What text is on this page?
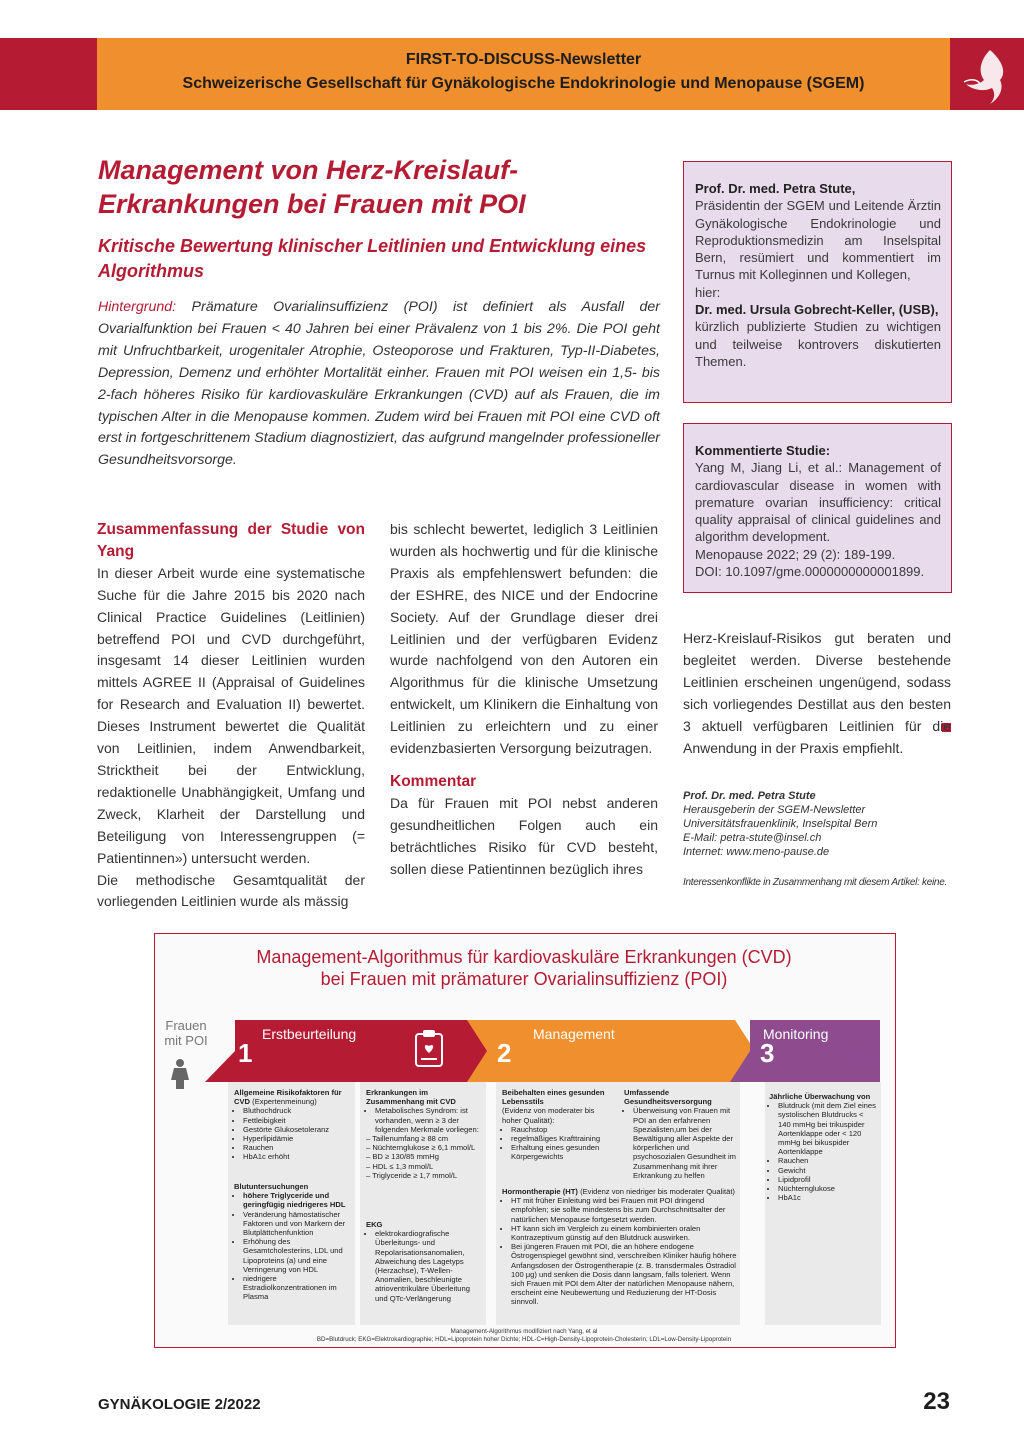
FIRST-TO-DISCUSS-Newsletter
Schweizerische Gesellschaft für Gynäkologische Endokrinologie und Menopause (SGEM)
Management von Herz-Kreislauf-Erkrankungen bei Frauen mit POI
Kritische Bewertung klinischer Leitlinien und Entwicklung eines Algorithmus
Hintergrund: Prämature Ovarialinsuffizienz (POI) ist definiert als Ausfall der Ovarialfunktion bei Frauen < 40 Jahren bei einer Prävalenz von 1 bis 2%. Die POI geht mit Unfruchtbarkeit, urogenitaler Atrophie, Osteoporose und Frakturen, Typ-II-Diabetes, Depression, Demenz und erhöhter Mortalität einher. Frauen mit POI weisen ein 1,5- bis 2-fach höheres Risiko für kardiovaskuläre Erkrankungen (CVD) auf als Frauen, die im typischen Alter in die Menopause kommen. Zudem wird bei Frauen mit POI eine CVD oft erst in fortgeschrittenem Stadium diagnostiziert, das aufgrund mangelnder professioneller Gesundheitsvorsorge.
Prof. Dr. med. Petra Stute,
Präsidentin der SGEM und Leitende Ärztin Gynäkologische Endokrinologie und Reproduktionsmedizin am Inselspital Bern, resümiert und kommentiert im Turnus mit Kolleginnen und Kollegen,
hier:
Dr. med. Ursula Gobrecht-Keller, (USB),
kürzlich publizierte Studien zu wichtigen und teilweise kontrovers diskutierten Themen.
Kommentierte Studie:
Yang M, Jiang Li, et al.: Management of cardiovascular disease in women with premature ovarian insufficiency: critical quality appraisal of clinical guidelines and algorithm development.
Menopause 2022; 29 (2): 189-199.
DOI: 10.1097/gme.0000000000001899.
Zusammenfassung der Studie von Yang
In dieser Arbeit wurde eine systematische Suche für die Jahre 2015 bis 2020 nach Clinical Practice Guidelines (Leitlinien) betreffend POI und CVD durchgeführt, insgesamt 14 dieser Leitlinien wurden mittels AGREE II (Appraisal of Guidelines for Research and Evaluation II) bewertet. Dieses Instrument bewertet die Qualität von Leitlinien, indem Anwendbarkeit, Stricktheit bei der Entwicklung, redaktionelle Unabhängigkeit, Umfang und Zweck, Klarheit der Darstellung und Beteiligung von Interessengruppen (= Patientinnen») untersucht werden.
Die methodische Gesamtqualität der vorliegenden Leitlinien wurde als mässig
bis schlecht bewertet, lediglich 3 Leitlinien wurden als hochwertig und für die klinische Praxis als empfehlenswert befunden: die der ESHRE, des NICE und der Endocrine Society. Auf der Grundlage dieser drei Leitlinien und der verfügbaren Evidenz wurde nachfolgend von den Autoren ein Algorithmus für die klinische Umsetzung entwickelt, um Klinikern die Einhaltung von Leitlinien zu erleichtern und zu einer evidenzbasierten Versorgung beizutragen.
Kommentar
Da für Frauen mit POI nebst anderen gesundheitlichen Folgen auch ein beträchtliches Risiko für CVD besteht, sollen diese Patientinnen bezüglich ihres
Herz-Kreislauf-Risikos gut beraten und begleitet werden. Diverse bestehende Leitlinien erscheinen ungenügend, sodass sich vorliegendes Destillat aus den besten 3 aktuell verfügbaren Leitlinien für die Anwendung in der Praxis empfiehlt.
Prof. Dr. med. Petra Stute
Herausgeberin der SGEM-Newsletter
Universitätsfrauenklinik, Inselspital Bern
E-Mail: petra-stute@insel.ch
Internet: www.meno-pause.de
Interessenkonflikte in Zusammenhang mit diesem Artikel: keine.
Management-Algorithmus für kardiovaskuläre Erkrankungen (CVD)
bei Frauen mit prämaturer Ovarialinsuffizienz (POI)
Frauen
mit POI	Erstbeurteilung
1
Management
2
Monitoring
3
Allgemeine Risikofaktoren für CVD (Expertenmeinung)
• Bluthochdruck
• Fettleibigkeit
• Gestörte Glukosetoleranz
• Hyperlipidämie
• Rauchen
• HbA1c erhöht
Blutuntersuchungen
• höhere Triglyceride und geringfügig niedrigeres HDL
• Veränderung hämostatischer Faktoren und von Markern der Blutplättchenfunktion
• Erhöhung des Gesamtcholesterins, LDL und Lipoproteins (a) und eine Verringerung von HDL
• niedrigere Estradiolkonzentrationen im Plasma
Erkrankungen im Zusammenhang mit CVD
• Metabolisches Syndrom: ist vorhanden, wenn ≥ 3 der folgenden Merkmale vorliegen:
– Taillenumfang ≥ 88 cm
– Nüchternglukose ≥ 6,1 mmol/L
– BD ≥ 130/85 mmHg
– HDL ≤ 1,3 mmol/L
– Triglyceride ≥ 1,7 mmol/L
EKG
• elektrokardiografische Überleitungs- und Repolarisationsanomalien, Abweichung des Lagetyps (Herzachse), T-Wellen-Anomalien, beschleunigte atrioventrikuläre Überleitung und QTc-Verlängerung
Beibehalten eines gesunden Lebensstils
(Evidenz von moderater bis hoher Qualität):
• Rauchstop
• regelmäßiges Krafttraining
• Erhaltung eines gesunden Körpergewichts
Umfassende Gesundheitsversorgung
• Überweisung von Frauen mit POI an den erfahrenen Spezialisten,um bei der Bewältigung aller Aspekte der körperlichen und psychosozialen Gesundheit im Zusammenhang mit ihrer Erkrankung zu helfen
Hormontherapie (HT) (Evidenz von niedriger bis moderater Qualität)
• HT mit früher Einleitung wird bei Frauen mit POI dringend empfohlen; sie sollte mindestens bis zum Durchschnittsalter der natürlichen Menopause fortgesetzt werden.
• HT kann sich im Vergleich zu einem kombinierten oralen Kontrazeptivum günstig auf den Blutdruck auswirken.
• Bei jüngeren Frauen mit POI, die an höhere endogene Östrogenspiegel gewöhnt sind, verschreiben Kliniker häufig höhere Anfangsdosen der Östrogentherapie (z. B. transdermales Östradiol 100 μg) und senken die Dosis dann langsam, falls toleriert. Wenn sich Frauen mit POI dem Alter der natürlichen Menopause nähern, erscheint eine Neubewertung und Reduzierung der HT-Dosis sinnvoll.
Jährliche Überwachung von
• Blutdruck (mit dem Ziel eines systolischen Blutdrucks < 140 mmHg bei trikuspider Aortenklappe oder < 120 mmHg bei bikuspider Aortenklappe
• Rauchen
• Gewicht
• Lipidprofil
• Nüchternglukose
• HbA1c
Management-Algorithmus modifiziert nach Yang, et al
BD=Blutdruck; EKG=Elektrokardiographie; HDL=Lipoprotein hoher Dichte; HDL-C=High-Density-Lipoprotein-Cholesterin; LDL=Low-Density-Lipoprotein
GYNÄKOLOGIE 2/2022	23
